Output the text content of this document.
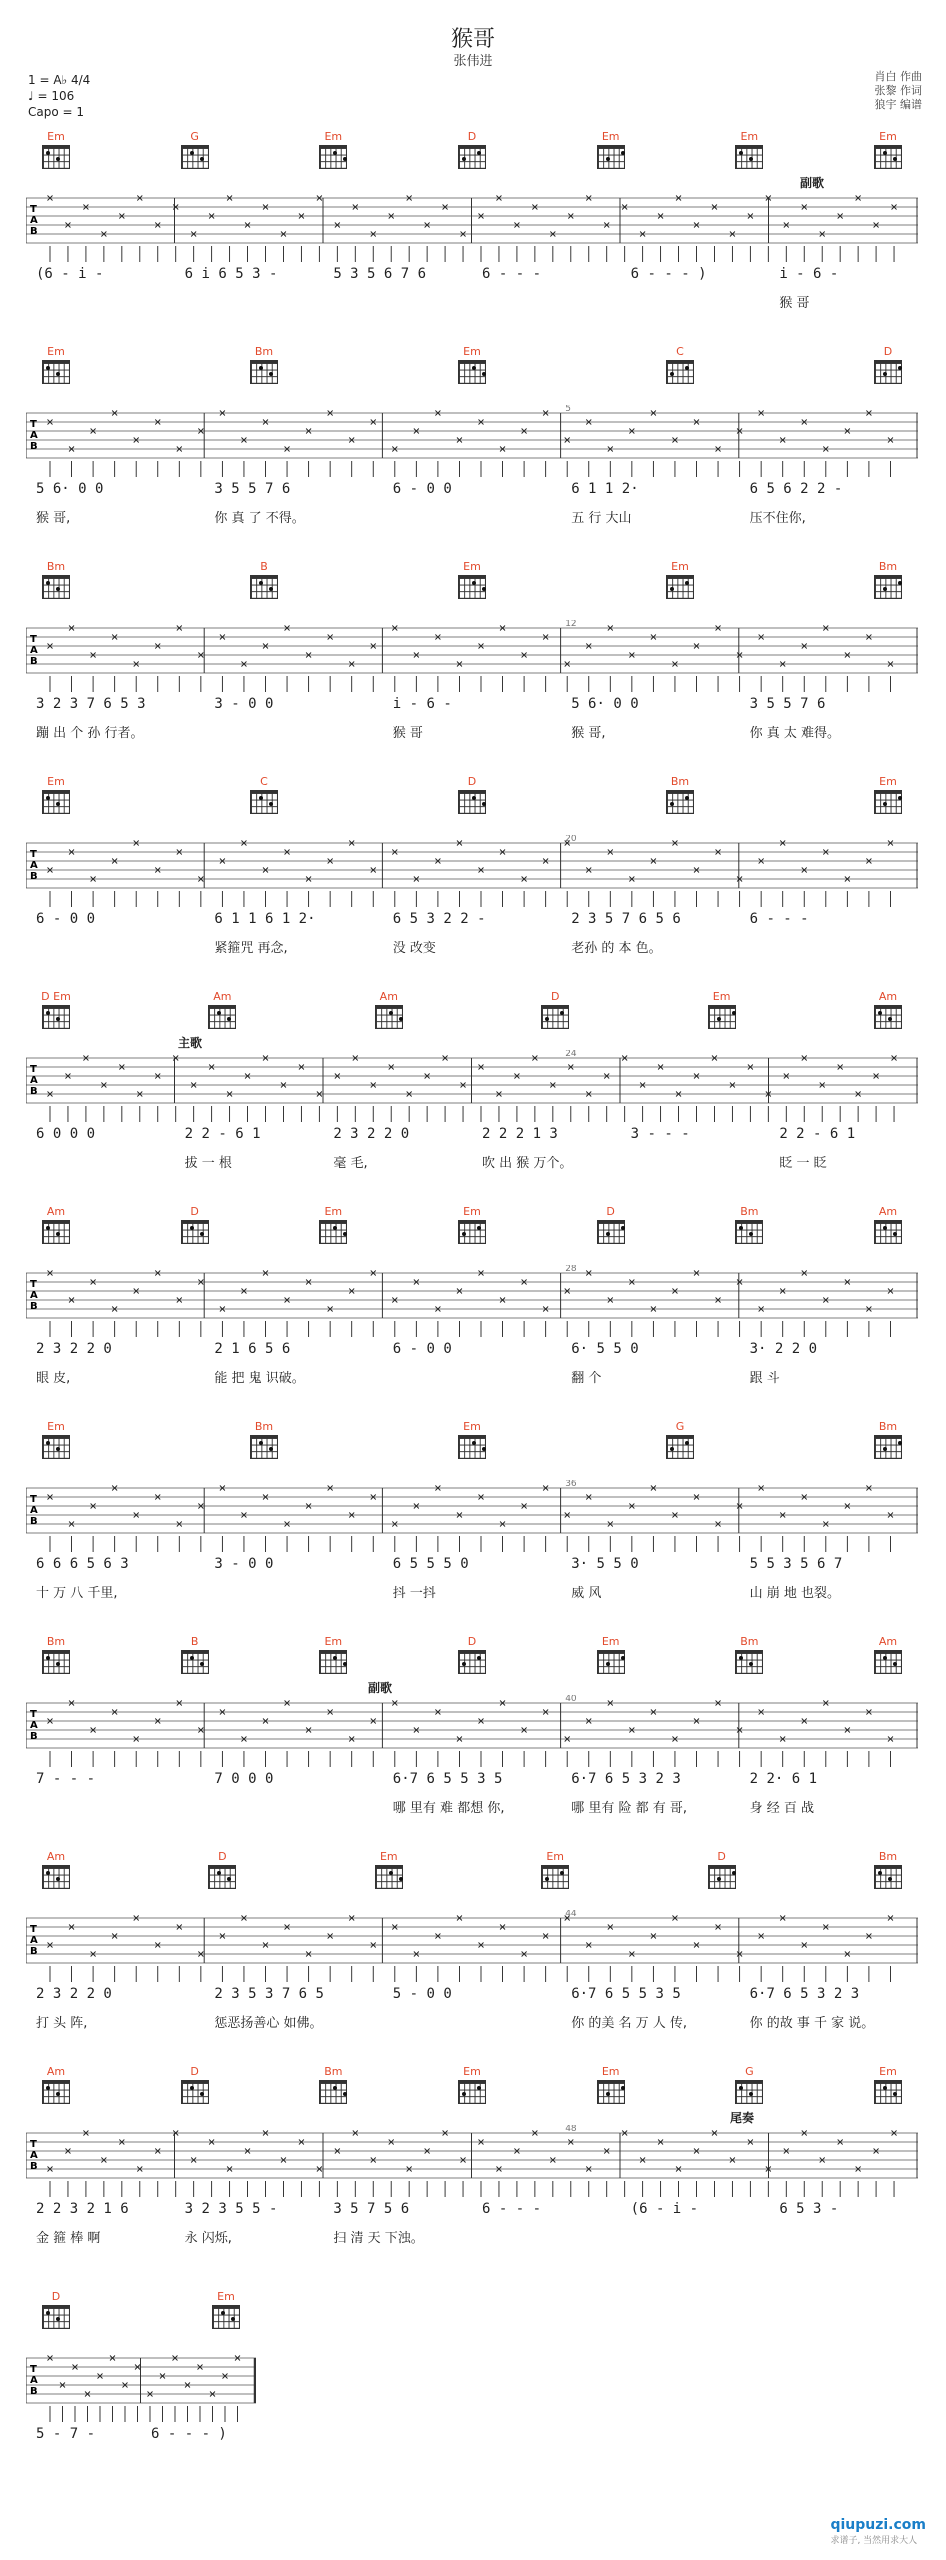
猴哥
张伟进
1 = A♭ 4/4
♩ = 106
Capo = 1
肖白 作曲
张黎 作词
狼宇 编谱
Em	G	Em	D	Em	Em	Em
副歌
T
A
B
(6 - i -	6 i 6 5 3 -	5 3 5 6 7 6	6 - - -	6 - - - )	i - 6 -
猴 哥
Em	Bm	Em	C	D
T
A
B
5
5 6· 0 0	3 5 5 7 6	6 - 0 0	6 1 1 2·	6 5 6 2 2 -
猴 哥,	你 真 了 不得。	五 行 大山	压不住你,
Bm	B	Em	Em	Bm
T
A
B
12
3 2 3 7 6 5 3	3 - 0 0	i - 6 -	5 6· 0 0	3 5 5 7 6
蹦 出 个 孙 行者。	猴 哥	猴 哥,	你 真 太 难得。
Em	C	D	Bm	Em
T
A
B
20
6 - 0 0	6 1 1 6 1 2·	6 5 3 2 2 -	2 3 5 7 6 5 6	6 - - -
紧箍咒 再念,	没 改变	老孙 的 本 色。
D Em	Am	Am	D	Em	Am
主歌
T
A
B
24
6 0 0 0	2 2 - 6 1	2 3 2 2 0	2 2 2 1 3	3 - - -	2 2 - 6 1
拔 一 根	毫 毛,	吹 出 猴 万个。	眨 一 眨
Am	D	Em	Em	D	Bm	Am
T
A
B
28
2 3 2 2 0	2 1 6 5 6	6 - 0 0	6· 5 5 0	3· 2 2 0
眼 皮,	能 把 鬼 识破。	翻 个	跟 斗
Em	Bm	Em	G	Bm
T
A
B
36
6 6 6 5 6 3	3 - 0 0	6 5 5 5 0	3· 5 5 0	5 5 3 5 6 7
十 万 八 千里,	抖 一抖	威 风	山 崩 地 也裂。
Bm	B	Em	D	Em	Bm	Am
副歌
T
A
B
40
7 - - -	7 0 0 0	6·7 6 5 5 3 5	6·7 6 5 3 2 3	2 2· 6 1
哪 里有 难 都想 你,	哪 里有 险 都 有 哥,	身 经 百 战
Am	D	Em	Em	D	Bm
T
A
B
44
2 3 2 2 0	2 3 5 3 7 6 5	5 - 0 0	6·7 6 5 5 3 5	6·7 6 5 3 2 3
打 头 阵,	惩恶扬善心 如佛。	你 的美 名 万 人 传,	你 的故 事 千 家 说。
Am	D	Bm	Em	Em	G	Em
尾奏
T
A
B
48
2 2 3 2 1 6	3 2 3 5 5 -	3 5 7 5 6	6 - - -	(6 - i -	6 5 3 -
金 箍 棒 啊	永 闪烁,	扫 清 天 下浊。
D	Em
T
A
B
5 - 7 -	6 - - - )
qiupuzi.com
求谱子, 当然用求大人
